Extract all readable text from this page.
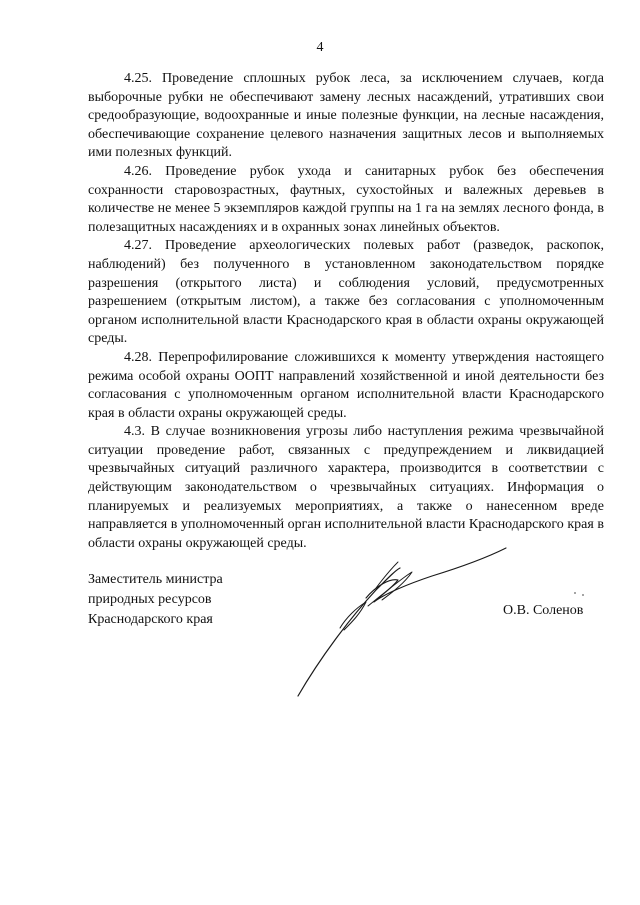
4

4.25. Проведение сплошных рубок леса, за исключением случаев, когда выборочные рубки не обеспечивают замену лесных насаждений, утративших свои средообразующие, водоохранные и иные полезные функции, на лесные насаждения, обеспечивающие сохранение целевого назначения защитных лесов и выполняемых ими полезных функций.

4.26. Проведение рубок ухода и санитарных рубок без обеспечения сохранности старовозрастных, фаутных, сухостойных и валежных деревьев в количестве не менее 5 экземпляров каждой группы на 1 га на землях лесного фонда, в полезащитных насаждениях и в охранных зонах линейных объектов.

4.27. Проведение археологических полевых работ (разведок, раскопок, наблюдений) без полученного в установленном законодательством порядке разрешения (открытого листа) и соблюдения условий, предусмотренных разрешением (открытым листом), а также без согласования с уполномоченным органом исполнительной власти Краснодарского края в области охраны окружающей среды.

4.28. Перепрофилирование сложившихся к моменту утверждения настоящего режима особой охраны ООПТ направлений хозяйственной и иной деятельности без согласования с уполномоченным органом исполнительной власти Краснодарского края в области охраны окружающей среды.

4.3. В случае возникновения угрозы либо наступления режима чрезвычайной ситуации проведение работ, связанных с предупреждением и ликвидацией чрезвычайных ситуаций различного характера, производится в соответствии с действующим законодательством о чрезвычайных ситуациях. Информация о планируемых и реализуемых мероприятиях, а также о нанесенном вреде направляется в уполномоченный орган исполнительной власти Краснодарского края в области охраны окружающей среды.

Заместитель министра
природных ресурсов
Краснодарского края
О.В. Соленов
